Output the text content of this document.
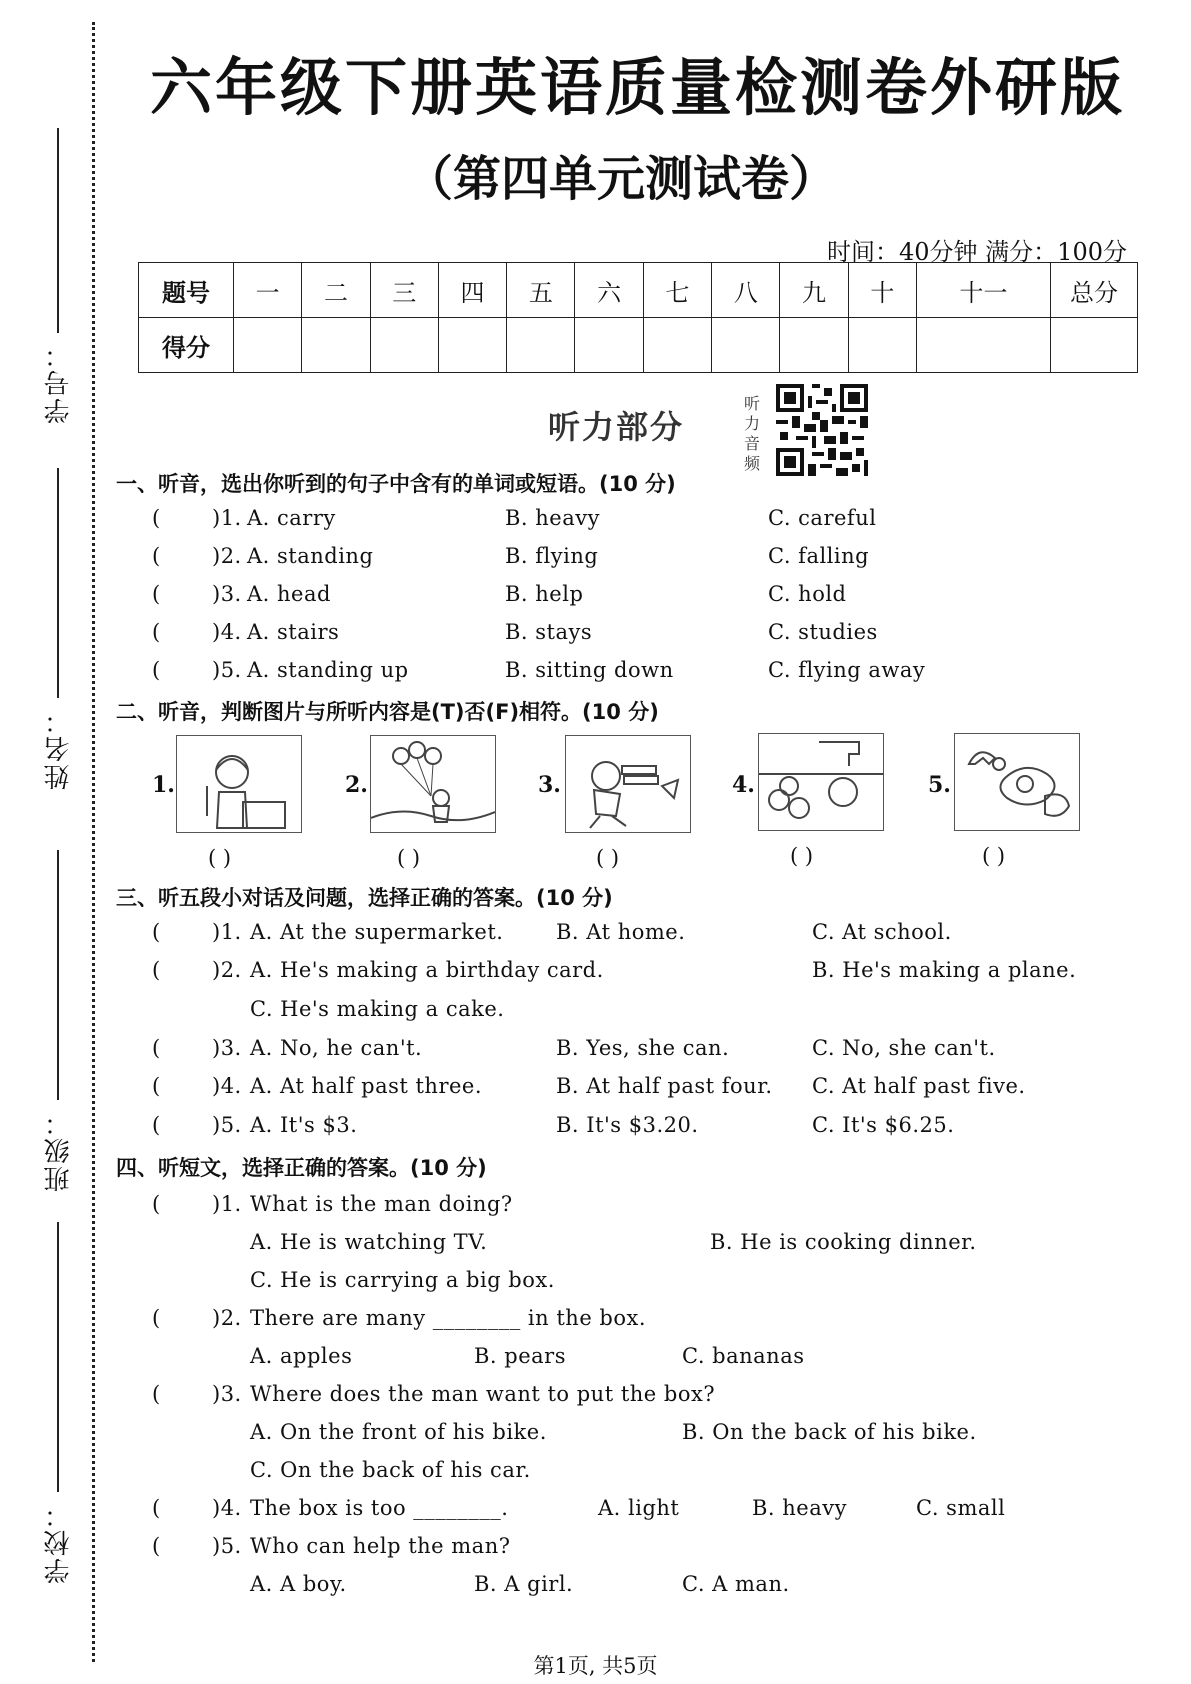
学号：
姓名：
班级：
学校：
六年级下册英语质量检测卷外研版
（第四单元测试卷）
时间：40分钟 满分：100分
题号	一	二	三	四	五	六	七	八	九	十	十一	总分
得分												
听力部分
听力音频
一、听音，选出你听到的句子中含有的单词或短语。(10 分)
( )1. A. carry	B. heavy	C. careful
( )2. A. standing	B. flying	C. falling
( )3. A. head	B. help	C. hold
( )4. A. stairs	B. stays	C. studies
( )5. A. standing up	B. sitting down	C. flying away
二、听音，判断图片与所听内容是(T)否(F)相符。(10 分)
1.
( )
2.
( )
3.
( )
4.
( )
5.
( )
三、听五段小对话及问题，选择正确的答案。(10 分)
( )1. A. At the supermarket.	B. At home.	C. At school.
( )2. A. He's making a birthday card.	B. He's making a plane.
C. He's making a cake.
( )3. A. No, he can't.	B. Yes, she can.	C. No, she can't.
( )4. A. At half past three.	B. At half past four. C. At half past five.
( )5. A. It's $3.	B. It's $3.20.	C. It's $6.25.
四、听短文，选择正确的答案。(10 分)
( )1. What is the man doing?
A. He is watching TV.	B. He is cooking dinner.
C. He is carrying a big box.
( )2. There are many ________ in the box.
A. apples	B. pears	C. bananas
( )3. Where does the man want to put the box?
A. On the front of his bike.	B. On the back of his bike.
C. On the back of his car.
( )4. The box is too ________.	A. light	B. heavy	C. small
( )5. Who can help the man?
A. A boy.	B. A girl.	C. A man.
第1页, 共5页
